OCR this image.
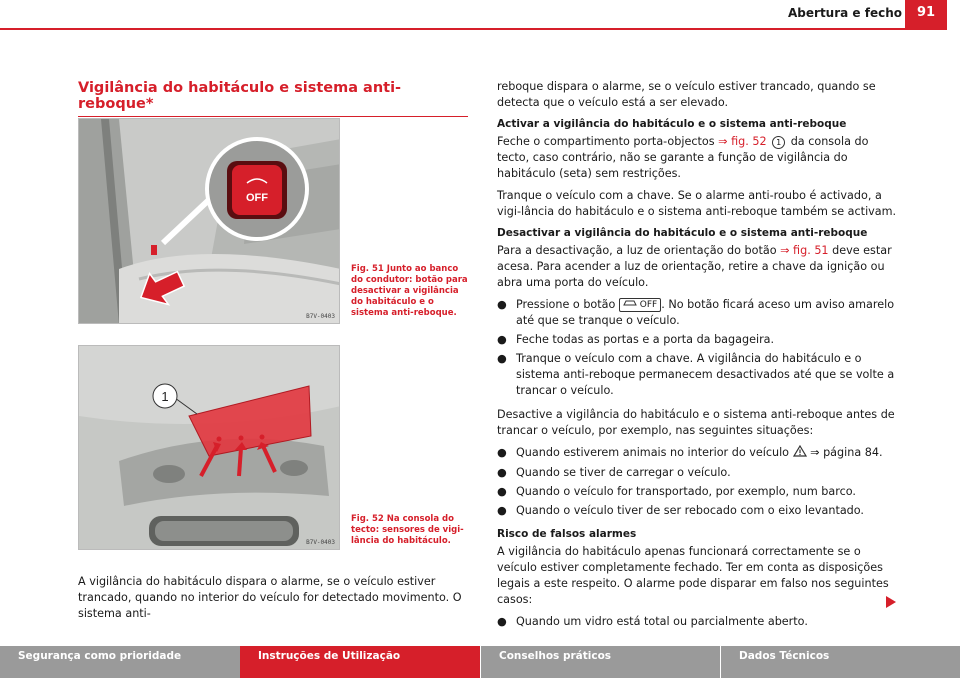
Abertura e fecho	91
Vigilância do habitáculo e sistema anti-reboque*
OFF
B7V-0403
Fig. 51 Junto ao banco do condutor: botão para desactivar a vigilância do habitáculo e o sistema anti-reboque.
1
B7V-0403
Fig. 52 Na consola do tecto: sensores de vigi-lância do habitáculo.
A vigilância do habitáculo dispara o alarme, se o veículo estiver trancado, quando no interior do veículo for detectado movimento. O sistema anti-

reboque dispara o alarme, se o veículo estiver trancado, quando se detecta que o veículo está a ser elevado.

Activar a vigilância do habitáculo e o sistema anti-reboque

Feche o compartimento porta-objectos ⇒ fig. 52 1 da consola do tecto, caso contrário, não se garante a função de vigilância do habitáculo (seta) sem restrições.

Tranque o veículo com a chave. Se o alarme anti-roubo é activado, a vigi-lância do habitáculo e o sistema anti-reboque também se activam.

Desactivar a vigilância do habitáculo e o sistema anti-reboque

Para a desactivação, a luz de orientação do botão ⇒ fig. 51 deve estar acesa. Para acender a luz de orientação, retire a chave da ignição ou abra uma porta do veículo.

● Pressione o botão  OFF . No botão ficará aceso um aviso amarelo até que se tranque o veículo.

● Feche todas as portas e a porta da bagageira.

● Tranque o veículo com a chave. A vigilância do habitáculo e o sistema anti-reboque permanecem desactivados até que se volte a trancar o veículo.

Desactive a vigilância do habitáculo e o sistema anti-reboque antes de trancar o veículo, por exemplo, nas seguintes situações:

● Quando estiverem animais no interior do veículo  ⇒ página 84.

● Quando se tiver de carregar o veículo.

● Quando o veículo for transportado, por exemplo, num barco.

● Quando o veículo tiver de ser rebocado com o eixo levantado.

Risco de falsos alarmes

A vigilância do habitáculo apenas funcionará correctamente se o veículo estiver completamente fechado. Ter em conta as disposições legais a este respeito. O alarme pode disparar em falso nos seguintes casos:

● Quando um vidro está total ou parcialmente aberto.

Segurança como prioridade	Instruções de Utilização	Conselhos práticos	Dados Técnicos
